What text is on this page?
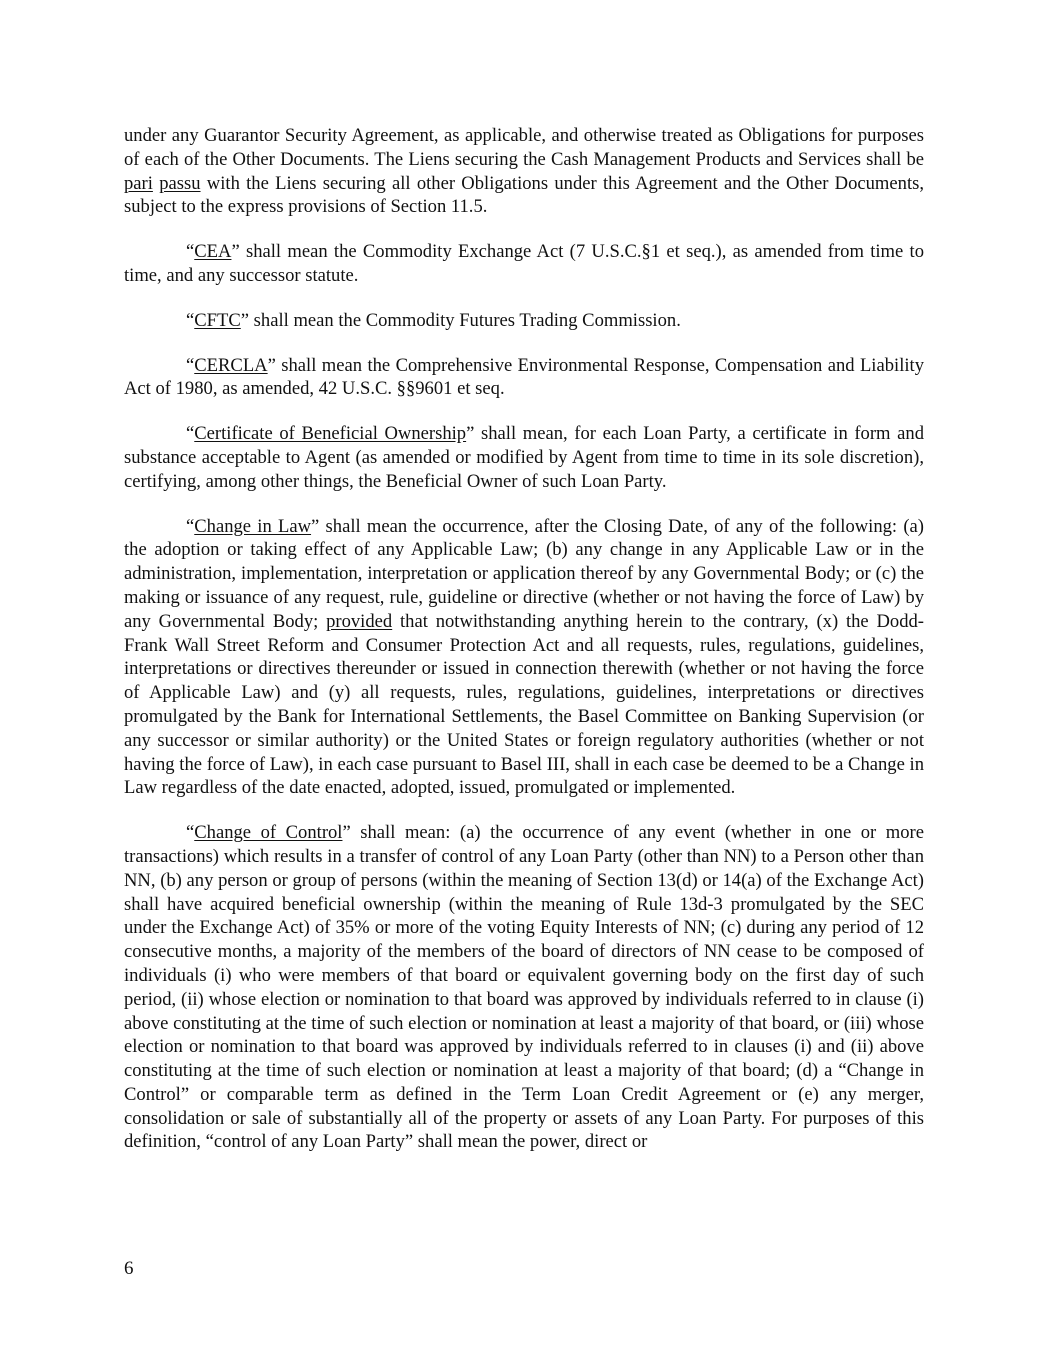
under any Guarantor Security Agreement, as applicable, and otherwise treated as Obligations for purposes of each of the Other Documents. The Liens securing the Cash Management Products and Services shall be pari passu with the Liens securing all other Obligations under this Agreement and the Other Documents, subject to the express provisions of Section 11.5.

“CEA” shall mean the Commodity Exchange Act (7 U.S.C.§1 et seq.), as amended from time to time, and any successor statute.

“CFTC” shall mean the Commodity Futures Trading Commission.

“CERCLA” shall mean the Comprehensive Environmental Response, Compensation and Liability Act of 1980, as amended, 42 U.S.C. §§9601 et seq.

“Certificate of Beneficial Ownership” shall mean, for each Loan Party, a certificate in form and substance acceptable to Agent (as amended or modified by Agent from time to time in its sole discretion), certifying, among other things, the Beneficial Owner of such Loan Party.

“Change in Law” shall mean the occurrence, after the Closing Date, of any of the following: (a) the adoption or taking effect of any Applicable Law; (b) any change in any Applicable Law or in the administration, implementation, interpretation or application thereof by any Governmental Body; or (c) the making or issuance of any request, rule, guideline or directive (whether or not having the force of Law) by any Governmental Body; provided that notwithstanding anything herein to the contrary, (x) the Dodd-Frank Wall Street Reform and Consumer Protection Act and all requests, rules, regulations, guidelines, interpretations or directives thereunder or issued in connection therewith (whether or not having the force of Applicable Law) and (y) all requests, rules, regulations, guidelines, interpretations or directives promulgated by the Bank for International Settlements, the Basel Committee on Banking Supervision (or any successor or similar authority) or the United States or foreign regulatory authorities (whether or not having the force of Law), in each case pursuant to Basel III, shall in each case be deemed to be a Change in Law regardless of the date enacted, adopted, issued, promulgated or implemented.

“Change of Control” shall mean: (a) the occurrence of any event (whether in one or more transactions) which results in a transfer of control of any Loan Party (other than NN) to a Person other than NN, (b) any person or group of persons (within the meaning of Section 13(d) or 14(a) of the Exchange Act) shall have acquired beneficial ownership (within the meaning of Rule 13d-3 promulgated by the SEC under the Exchange Act) of 35% or more of the voting Equity Interests of NN; (c) during any period of 12 consecutive months, a majority of the members of the board of directors of NN cease to be composed of individuals (i) who were members of that board or equivalent governing body on the first day of such period, (ii) whose election or nomination to that board was approved by individuals referred to in clause (i) above constituting at the time of such election or nomination at least a majority of that board, or (iii) whose election or nomination to that board was approved by individuals referred to in clauses (i) and (ii) above constituting at the time of such election or nomination at least a majority of that board; (d) a “Change in Control” or comparable term as defined in the Term Loan Credit Agreement or (e) any merger, consolidation or sale of substantially all of the property or assets of any Loan Party. For purposes of this definition, “control of any Loan Party” shall mean the power, direct or

6
